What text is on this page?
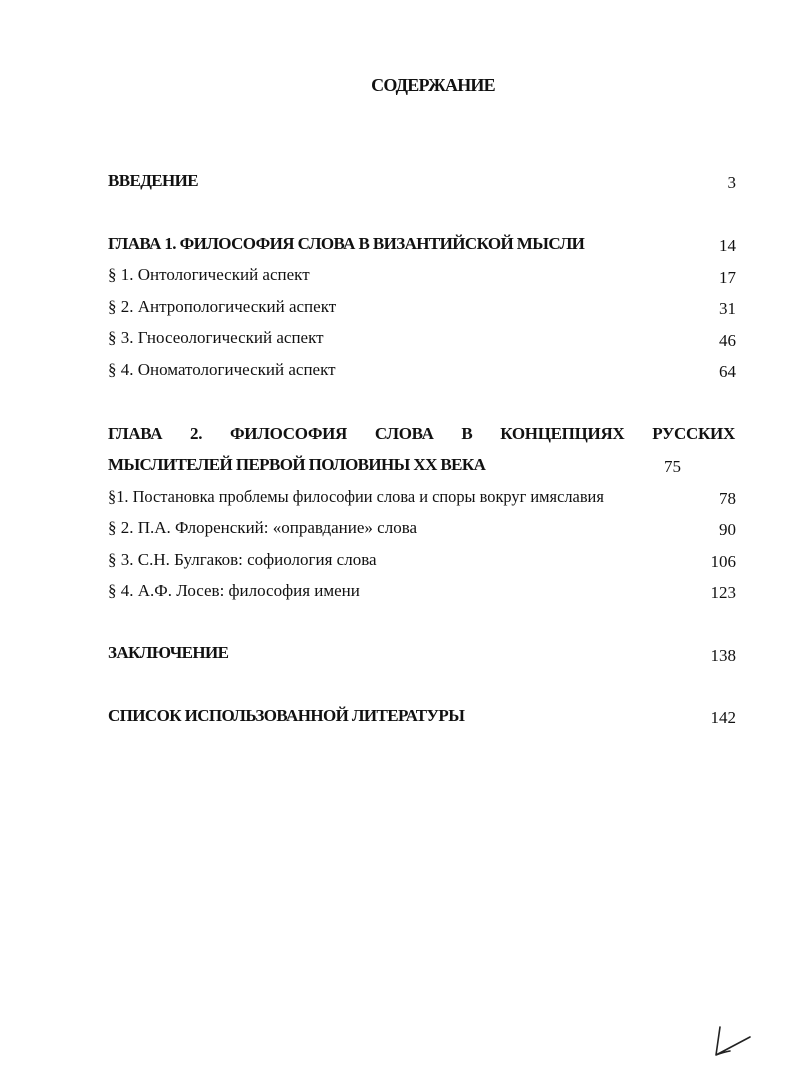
СОДЕРЖАНИЕ
ВВЕДЕНИЕ	3
ГЛАВА 1. ФИЛОСОФИЯ СЛОВА В ВИЗАНТИЙСКОЙ МЫСЛИ	14
§ 1. Онтологический аспект	17
§ 2. Антропологический аспект	31
§ 3. Гносеологический аспект	46
§ 4. Ономатологический аспект	64
ГЛАВА 2. ФИЛОСОФИЯ СЛОВА В КОНЦЕПЦИЯХ РУССКИХ
МЫСЛИТЕЛЕЙ ПЕРВОЙ ПОЛОВИНЫ XX ВЕКА	75
§1. Постановка проблемы философии слова и споры вокруг имяславия	78
§ 2. П.А. Флоренский: «оправдание» слова	90
§ 3. С.Н. Булгаков: софиология слова	106
§ 4. А.Ф. Лосев: философия имени	123
ЗАКЛЮЧЕНИЕ	138
СПИСОК ИСПОЛЬЗОВАННОЙ ЛИТЕРАТУРЫ	142
